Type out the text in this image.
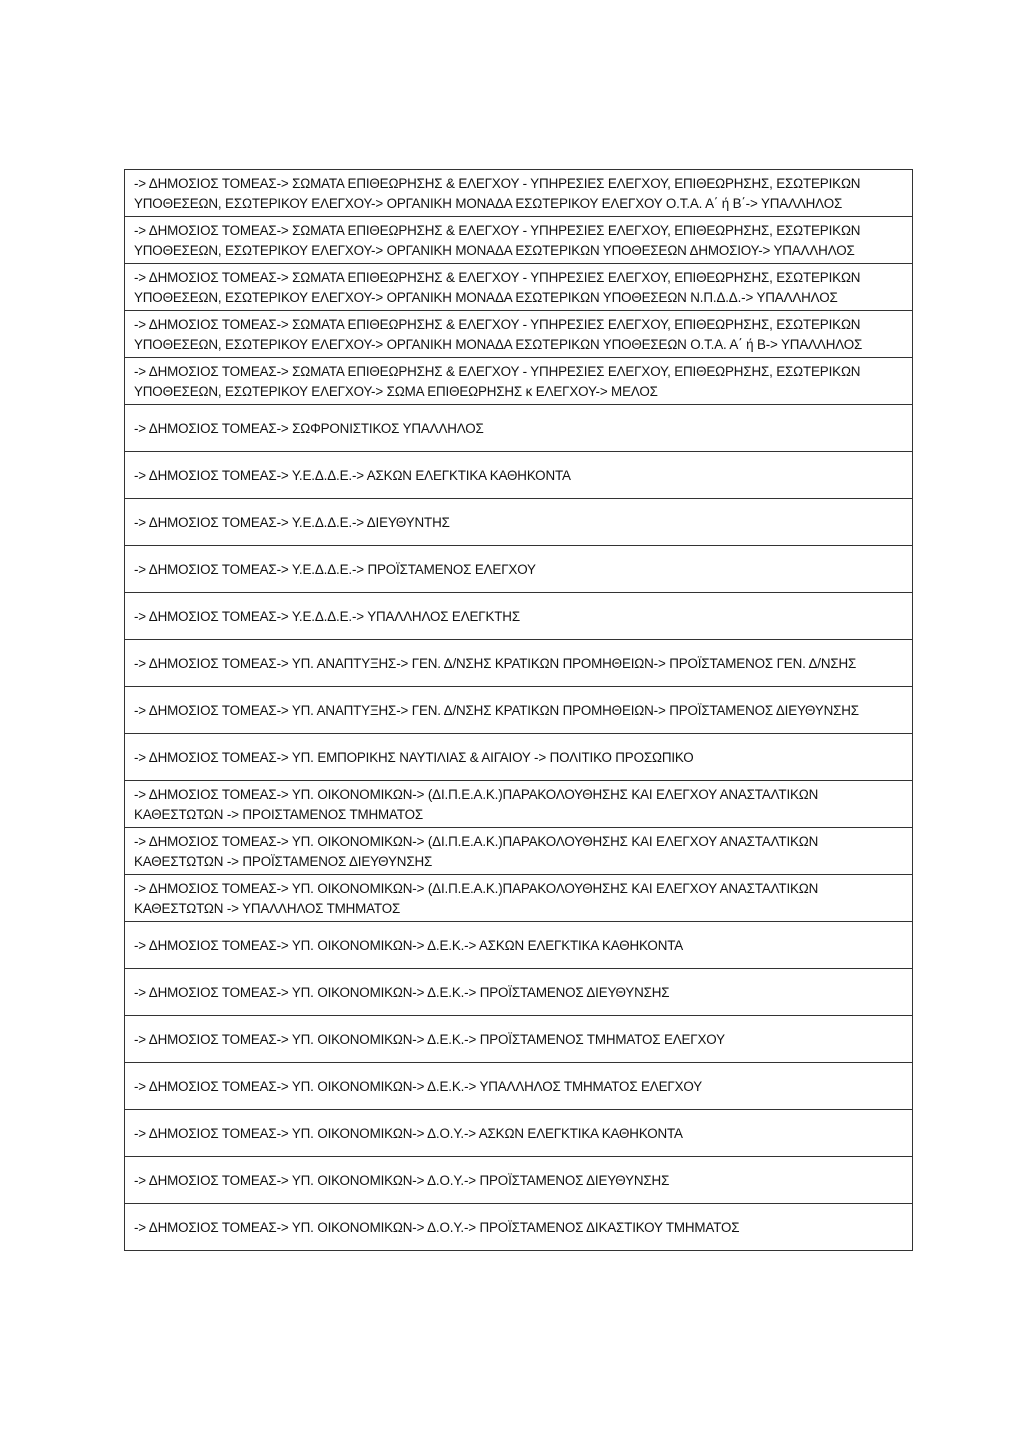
-> ΔΗΜΟΣΙΟΣ ΤΟΜΕΑΣ-> ΣΩΜΑΤΑ ΕΠΙΘΕΩΡΗΣΗΣ & ΕΛΕΓΧΟΥ - ΥΠΗΡΕΣΙΕΣ ΕΛΕΓΧΟΥ, ΕΠΙΘΕΩΡΗΣΗΣ, ΕΣΩΤΕΡΙΚΩΝ ΥΠΟΘΕΣΕΩΝ, ΕΣΩΤΕΡΙΚΟΥ ΕΛΕΓΧΟΥ-> ΟΡΓΑΝΙΚΗ ΜΟΝΑΔΑ ΕΣΩΤΕΡΙΚΟΥ ΕΛΕΓΧΟΥ Ο.Τ.Α. Α΄ ή Β΄-> ΥΠΑΛΛΗΛΟΣ
-> ΔΗΜΟΣΙΟΣ ΤΟΜΕΑΣ-> ΣΩΜΑΤΑ ΕΠΙΘΕΩΡΗΣΗΣ & ΕΛΕΓΧΟΥ - ΥΠΗΡΕΣΙΕΣ ΕΛΕΓΧΟΥ, ΕΠΙΘΕΩΡΗΣΗΣ, ΕΣΩΤΕΡΙΚΩΝ ΥΠΟΘΕΣΕΩΝ, ΕΣΩΤΕΡΙΚΟΥ ΕΛΕΓΧΟΥ-> ΟΡΓΑΝΙΚΗ ΜΟΝΑΔΑ ΕΣΩΤΕΡΙΚΩΝ ΥΠΟΘΕΣΕΩΝ ΔΗΜΟΣΙΟΥ-> ΥΠΑΛΛΗΛΟΣ
-> ΔΗΜΟΣΙΟΣ ΤΟΜΕΑΣ-> ΣΩΜΑΤΑ ΕΠΙΘΕΩΡΗΣΗΣ & ΕΛΕΓΧΟΥ - ΥΠΗΡΕΣΙΕΣ ΕΛΕΓΧΟΥ, ΕΠΙΘΕΩΡΗΣΗΣ, ΕΣΩΤΕΡΙΚΩΝ ΥΠΟΘΕΣΕΩΝ, ΕΣΩΤΕΡΙΚΟΥ ΕΛΕΓΧΟΥ-> ΟΡΓΑΝΙΚΗ ΜΟΝΑΔΑ ΕΣΩΤΕΡΙΚΩΝ ΥΠΟΘΕΣΕΩΝ Ν.Π.Δ.Δ.-> ΥΠΑΛΛΗΛΟΣ
-> ΔΗΜΟΣΙΟΣ ΤΟΜΕΑΣ-> ΣΩΜΑΤΑ ΕΠΙΘΕΩΡΗΣΗΣ & ΕΛΕΓΧΟΥ - ΥΠΗΡΕΣΙΕΣ ΕΛΕΓΧΟΥ, ΕΠΙΘΕΩΡΗΣΗΣ, ΕΣΩΤΕΡΙΚΩΝ ΥΠΟΘΕΣΕΩΝ, ΕΣΩΤΕΡΙΚΟΥ ΕΛΕΓΧΟΥ-> ΟΡΓΑΝΙΚΗ ΜΟΝΑΔΑ ΕΣΩΤΕΡΙΚΩΝ ΥΠΟΘΕΣΕΩΝ Ο.Τ.Α. Α΄ ή Β-> ΥΠΑΛΛΗΛΟΣ
-> ΔΗΜΟΣΙΟΣ ΤΟΜΕΑΣ-> ΣΩΜΑΤΑ ΕΠΙΘΕΩΡΗΣΗΣ & ΕΛΕΓΧΟΥ - ΥΠΗΡΕΣΙΕΣ ΕΛΕΓΧΟΥ, ΕΠΙΘΕΩΡΗΣΗΣ, ΕΣΩΤΕΡΙΚΩΝ ΥΠΟΘΕΣΕΩΝ, ΕΣΩΤΕΡΙΚΟΥ ΕΛΕΓΧΟΥ-> ΣΩΜΑ ΕΠΙΘΕΩΡΗΣΗΣ κ ΕΛΕΓΧΟΥ-> ΜΕΛΟΣ
-> ΔΗΜΟΣΙΟΣ ΤΟΜΕΑΣ-> ΣΩΦΡΟΝΙΣΤΙΚΟΣ ΥΠΑΛΛΗΛΟΣ
-> ΔΗΜΟΣΙΟΣ ΤΟΜΕΑΣ-> Υ.Ε.Δ.Δ.Ε.-> ΑΣΚΩΝ ΕΛΕΓΚΤΙΚΑ ΚΑΘΗΚΟΝΤΑ
-> ΔΗΜΟΣΙΟΣ ΤΟΜΕΑΣ-> Υ.Ε.Δ.Δ.Ε.-> ΔΙΕΥΘΥΝΤΗΣ
-> ΔΗΜΟΣΙΟΣ ΤΟΜΕΑΣ-> Υ.Ε.Δ.Δ.Ε.-> ΠΡΟΪΣΤΑΜΕΝΟΣ ΕΛΕΓΧΟΥ
-> ΔΗΜΟΣΙΟΣ ΤΟΜΕΑΣ-> Υ.Ε.Δ.Δ.Ε.-> ΥΠΑΛΛΗΛΟΣ ΕΛΕΓΚΤΗΣ
-> ΔΗΜΟΣΙΟΣ ΤΟΜΕΑΣ-> ΥΠ. ΑΝΑΠΤΥΞΗΣ-> ΓΕΝ. Δ/ΝΣΗΣ ΚΡΑΤΙΚΩΝ ΠΡΟΜΗΘΕΙΩΝ-> ΠΡΟΪΣΤΑΜΕΝΟΣ ΓΕΝ. Δ/ΝΣΗΣ
-> ΔΗΜΟΣΙΟΣ ΤΟΜΕΑΣ-> ΥΠ. ΑΝΑΠΤΥΞΗΣ-> ΓΕΝ. Δ/ΝΣΗΣ ΚΡΑΤΙΚΩΝ ΠΡΟΜΗΘΕΙΩΝ-> ΠΡΟΪΣΤΑΜΕΝΟΣ ΔΙΕΥΘΥΝΣΗΣ
-> ΔΗΜΟΣΙΟΣ ΤΟΜΕΑΣ-> ΥΠ. ΕΜΠΟΡΙΚΗΣ ΝΑΥΤΙΛΙΑΣ & ΑΙΓΑΙΟΥ -> ΠΟΛΙΤΙΚΟ ΠΡΟΣΩΠΙΚΟ
-> ΔΗΜΟΣΙΟΣ ΤΟΜΕΑΣ-> ΥΠ. ΟΙΚΟΝΟΜΙΚΩΝ-> (ΔΙ.Π.Ε.Α.Κ.)ΠΑΡΑΚΟΛΟΥΘΗΣΗΣ ΚΑΙ ΕΛΕΓΧΟΥ ΑΝΑΣΤΑΛΤΙΚΩΝ ΚΑΘΕΣΤΩΤΩΝ -> ΠΡΟΙΣΤΑΜΕΝΟΣ ΤΜΗΜΑΤΟΣ
-> ΔΗΜΟΣΙΟΣ ΤΟΜΕΑΣ-> ΥΠ. ΟΙΚΟΝΟΜΙΚΩΝ-> (ΔΙ.Π.Ε.Α.Κ.)ΠΑΡΑΚΟΛΟΥΘΗΣΗΣ ΚΑΙ ΕΛΕΓΧΟΥ ΑΝΑΣΤΑΛΤΙΚΩΝ ΚΑΘΕΣΤΩΤΩΝ -> ΠΡΟΪΣΤΑΜΕΝΟΣ ΔΙΕΥΘΥΝΣΗΣ
-> ΔΗΜΟΣΙΟΣ ΤΟΜΕΑΣ-> ΥΠ. ΟΙΚΟΝΟΜΙΚΩΝ-> (ΔΙ.Π.Ε.Α.Κ.)ΠΑΡΑΚΟΛΟΥΘΗΣΗΣ ΚΑΙ ΕΛΕΓΧΟΥ ΑΝΑΣΤΑΛΤΙΚΩΝ ΚΑΘΕΣΤΩΤΩΝ -> ΥΠΑΛΛΗΛΟΣ ΤΜΗΜΑΤΟΣ
-> ΔΗΜΟΣΙΟΣ ΤΟΜΕΑΣ-> ΥΠ. ΟΙΚΟΝΟΜΙΚΩΝ-> Δ.Ε.Κ.-> ΑΣΚΩΝ ΕΛΕΓΚΤΙΚΑ ΚΑΘΗΚΟΝΤΑ
-> ΔΗΜΟΣΙΟΣ ΤΟΜΕΑΣ-> ΥΠ. ΟΙΚΟΝΟΜΙΚΩΝ-> Δ.Ε.Κ.-> ΠΡΟΪΣΤΑΜΕΝΟΣ ΔΙΕΥΘΥΝΣΗΣ
-> ΔΗΜΟΣΙΟΣ ΤΟΜΕΑΣ-> ΥΠ. ΟΙΚΟΝΟΜΙΚΩΝ-> Δ.Ε.Κ.-> ΠΡΟΪΣΤΑΜΕΝΟΣ ΤΜΗΜΑΤΟΣ ΕΛΕΓΧΟΥ
-> ΔΗΜΟΣΙΟΣ ΤΟΜΕΑΣ-> ΥΠ. ΟΙΚΟΝΟΜΙΚΩΝ-> Δ.Ε.Κ.-> ΥΠΑΛΛΗΛΟΣ ΤΜΗΜΑΤΟΣ ΕΛΕΓΧΟΥ
-> ΔΗΜΟΣΙΟΣ ΤΟΜΕΑΣ-> ΥΠ. ΟΙΚΟΝΟΜΙΚΩΝ-> Δ.Ο.Υ.-> ΑΣΚΩΝ ΕΛΕΓΚΤΙΚΑ ΚΑΘΗΚΟΝΤΑ
-> ΔΗΜΟΣΙΟΣ ΤΟΜΕΑΣ-> ΥΠ. ΟΙΚΟΝΟΜΙΚΩΝ-> Δ.Ο.Υ.-> ΠΡΟΪΣΤΑΜΕΝΟΣ ΔΙΕΥΘΥΝΣΗΣ
-> ΔΗΜΟΣΙΟΣ ΤΟΜΕΑΣ-> ΥΠ. ΟΙΚΟΝΟΜΙΚΩΝ-> Δ.Ο.Υ.-> ΠΡΟΪΣΤΑΜΕΝΟΣ ΔΙΚΑΣΤΙΚΟΥ ΤΜΗΜΑΤΟΣ
